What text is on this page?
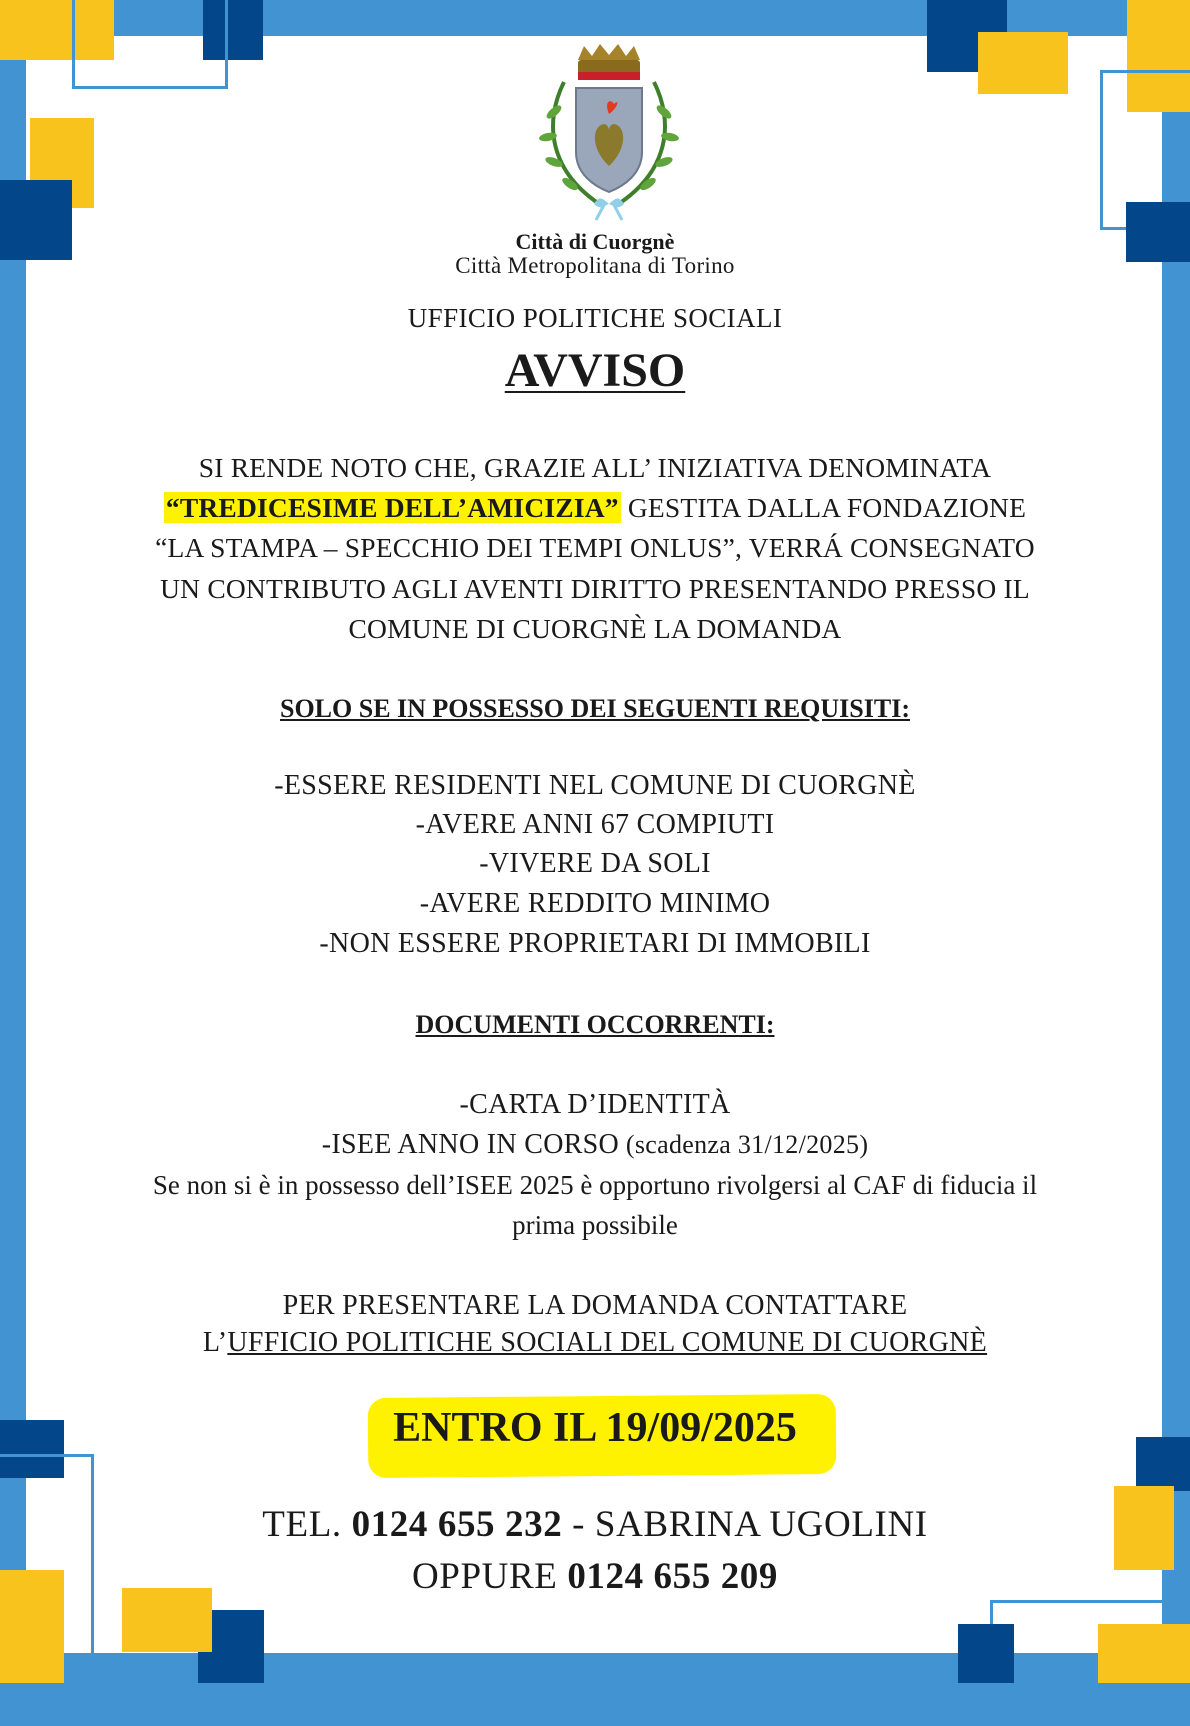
Città di Cuorgnè
Città Metropolitana di Torino
UFFICIO POLITICHE SOCIALI
AVVISO
SI RENDE NOTO CHE, GRAZIE ALL’ INIZIATIVA DENOMINATA
“TREDICESIME DELL’AMICIZIA” GESTITA DALLA FONDAZIONE
“LA STAMPA – SPECCHIO DEI TEMPI ONLUS”, VERRÁ CONSEGNATO
UN CONTRIBUTO AGLI AVENTI DIRITTO PRESENTANDO PRESSO IL
COMUNE DI CUORGNÈ LA DOMANDA
SOLO SE IN POSSESSO DEI SEGUENTI REQUISITI:
-ESSERE RESIDENTI NEL COMUNE DI CUORGNÈ
-AVERE ANNI 67 COMPIUTI
-VIVERE DA SOLI
-AVERE REDDITO MINIMO
-NON ESSERE PROPRIETARI DI IMMOBILI
DOCUMENTI OCCORRENTI:
-CARTA D’IDENTITÀ
-ISEE ANNO IN CORSO (scadenza 31/12/2025)
Se non si è in possesso dell’ISEE 2025 è opportuno rivolgersi al CAF di fiducia il
prima possibile
PER PRESENTARE LA DOMANDA CONTATTARE
L’UFFICIO POLITICHE SOCIALI DEL COMUNE DI CUORGNÈ
ENTRO IL 19/09/2025
TEL. 0124 655 232 - SABRINA UGOLINI
OPPURE 0124 655 209
